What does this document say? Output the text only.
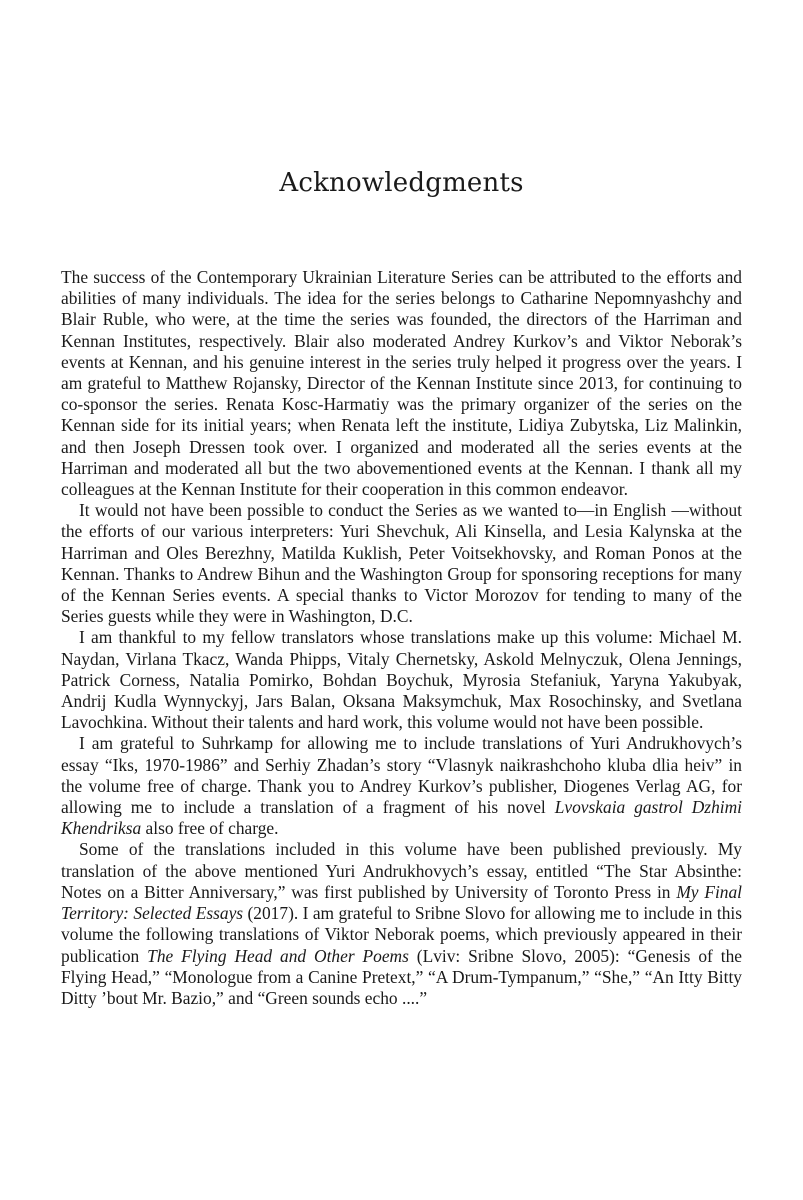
Acknowledgments

The success of the Contemporary Ukrainian Literature Series can be attributed to the efforts and abilities of many individuals. The idea for the series belongs to Catharine Nepomnyashchy and Blair Ruble, who were, at the time the series was founded, the directors of the Harriman and Kennan Institutes, respectively. Blair also moderated Andrey Kurkov’s and Viktor Neborak’s events at Kennan, and his genuine interest in the series truly helped it progress over the years. I am grateful to Matthew Rojansky, Director of the Kennan Institute since 2013, for continuing to co-sponsor the series. Renata Kosc-Harmatiy was the primary organizer of the series on the Kennan side for its initial years; when Renata left the institute, Lidiya Zubytska, Liz Malinkin, and then Joseph Dressen took over. I organized and moderated all the series events at the Harriman and moderated all but the two abovementioned events at the Kennan. I thank all my colleagues at the Kennan Institute for their cooperation in this common endeavor.

It would not have been possible to conduct the Series as we wanted to—in English —without the efforts of our various interpreters: Yuri Shevchuk, Ali Kinsella, and Lesia Kalynska at the Harriman and Oles Berezhny, Matilda Kuklish, Peter Voitsekhovsky, and Roman Ponos at the Kennan. Thanks to Andrew Bihun and the Washington Group for sponsoring receptions for many of the Kennan Series events. A special thanks to Victor Morozov for tending to many of the Series guests while they were in Washington, D.C.

I am thankful to my fellow translators whose translations make up this volume: Michael M. Naydan, Virlana Tkacz, Wanda Phipps, Vitaly Chernetsky, Askold Melnyczuk, Olena Jennings, Patrick Corness, Natalia Pomirko, Bohdan Boychuk, Myrosia Stefaniuk, Yaryna Yakubyak, Andrij Kudla Wynnyckyj, Jars Balan, Oksana Maksymchuk, Max Rosochinsky, and Svetlana Lavochkina. Without their talents and hard work, this volume would not have been possible.

I am grateful to Suhrkamp for allowing me to include translations of Yuri Andrukhovych’s essay “Iks, 1970-1986” and Serhiy Zhadan’s story “Vlasnyk naikrashchoho kluba dlia heiv” in the volume free of charge. Thank you to Andrey Kurkov’s publisher, Diogenes Verlag AG, for allowing me to include a translation of a fragment of his novel Lvovskaia gastrol Dzhimi Khendriksa also free of charge.

Some of the translations included in this volume have been published previously. My translation of the above mentioned Yuri Andrukhovych’s essay, entitled “The Star Absinthe: Notes on a Bitter Anniversary,” was first published by University of Toronto Press in My Final Territory: Selected Essays (2017). I am grateful to Sribne Slovo for allowing me to include in this volume the following translations of Viktor Neborak poems, which previously appeared in their publication The Flying Head and Other Poems (Lviv: Sribne Slovo, 2005): “Genesis of the Flying Head,” “Monologue from a Canine Pretext,” “A Drum-Tympanum,” “She,” “An Itty Bitty Ditty ’bout Mr. Bazio,” and “Green sounds echo ....”
